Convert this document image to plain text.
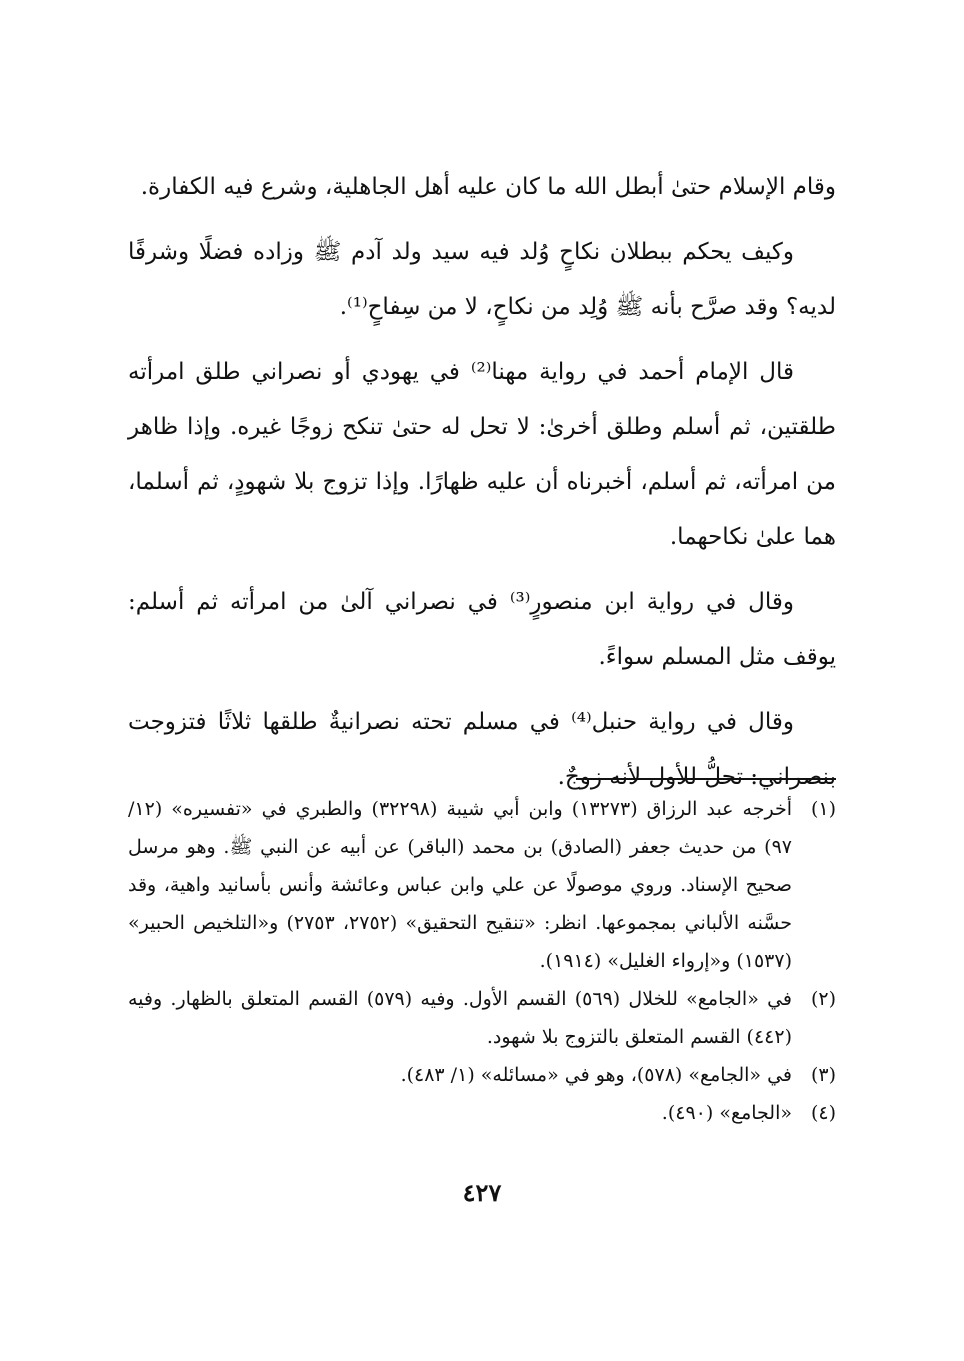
وقام الإسلام حتىٰ أبطل الله ما كان عليه أهل الجاهلية، وشرع فيه الكفارة.

وكيف يحكم ببطلان نكاحٍ وُلد فيه سيد ولد آدم ﷺ وزاده فضلًا وشرفًا لديه؟ وقد صرَّح بأنه ﷺ وُلِد من نكاحٍ، لا من سِفاحٍ⁽¹⁾.

قال الإمام أحمد في رواية مهنا⁽²⁾ في يهودي أو نصراني طلق امرأته طلقتين، ثم أسلم وطلق أخرىٰ: لا تحل له حتىٰ تنكح زوجًا غيره. وإذا ظاهر من امرأته، ثم أسلم، أخبرناه أن عليه ظهارًا. وإذا تزوج بلا شهودٍ، ثم أسلما، هما علىٰ نكاحهما.

وقال في رواية ابن منصورٍ⁽³⁾ في نصراني آلىٰ من امرأته ثم أسلم: يوقف مثل المسلم سواءً.

وقال في رواية حنبل⁽⁴⁾ في مسلم تحته نصرانيةٌ طلقها ثلاثًا فتزوجت بنصراني: تحلُّ للأول لأنه زوجٌ.

(١)
أخرجه عبد الرزاق (١٣٢٧٣) وابن أبي شيبة (٣٢٢٩٨) والطبري في «تفسيره» (١٢/ ٩٧) من حديث جعفر (الصادق) بن محمد (الباقر) عن أبيه عن النبي ﷺ. وهو مرسل صحيح الإسناد. وروي موصولًا عن علي وابن عباس وعائشة وأنس بأسانيد واهية، وقد حسَّنه الألباني بمجموعها. انظر: «تنقيح التحقيق» (٢٧٥٢، ٢٧٥٣) و«التلخيص الحبير» (١٥٣٧) و«إرواء الغليل» (١٩١٤).
(٢)
في «الجامع» للخلال (٥٦٩) القسم الأول. وفيه (٥٧٩) القسم المتعلق بالظهار. وفيه (٤٤٢) القسم المتعلق بالتزوج بلا شهود.
(٣)
في «الجامع» (٥٧٨)، وهو في «مسائله» (١/ ٤٨٣).
(٤)
«الجامع» (٤٩٠).
٤٢٧
